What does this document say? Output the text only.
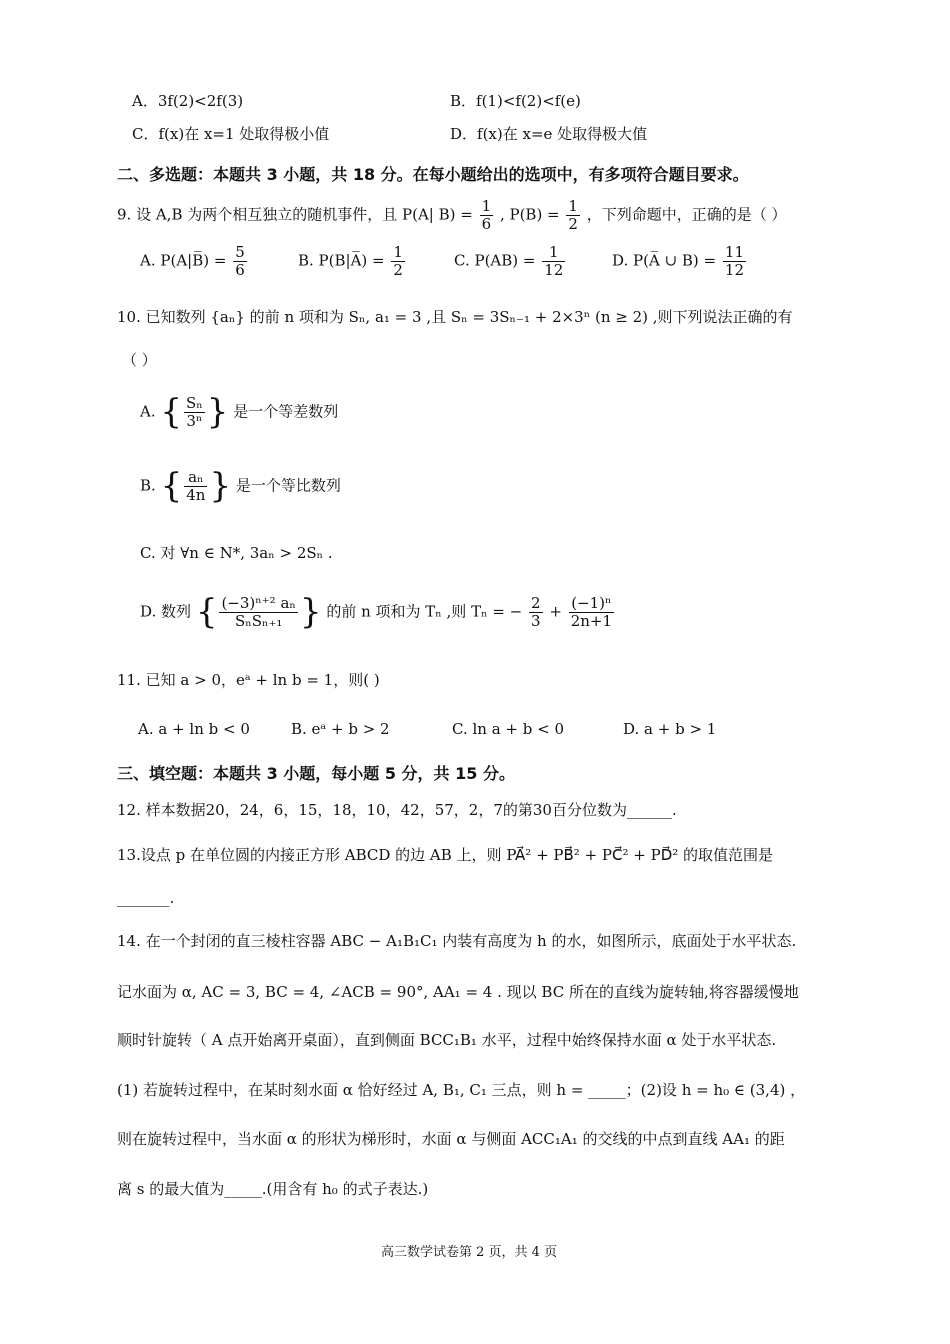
A．3f(2)<2f(3)	B．f(1)<f(2)<f(e)
C．f(x)在 x=1 处取得极小值	D．f(x)在 x=e 处取得极大值
二、多选题：本题共 3 小题，共 18 分。在每小题给出的选项中，有多项符合题目要求。
9. 设 A,B 为两个相互独立的随机事件，且 P(A| $B) = \frac{1}{6}$ , $P(B) = \frac{1}{2}$ ，下列命题中，正确的是（ ）
A. P(A|B̅) = $\frac{5}{6}$	B. P(B|A̅) = $\frac{1}{2}$	C. $P(AB) = \frac{1}{12}$	D. P(A̅ ∪ $B) = \frac{11}{12}$
10. 已知数列 {aₙ} 的前 n 项和为 Sₙ, a₁ = 3 ,且 Sₙ = 3Sₙ₋₁ + 2×3ⁿ (n ≥ 2) ,则下列说法正确的有
（ ）
A. { $\frac{\text{Sₙ}}{\text{3ⁿ}}$ } 是一个等差数列
B. { $\frac{\text{aₙ}}{4n}$ } 是一个等比数列
C. 对 ∀n ∈ N*, 3aₙ > 2Sₙ .
D. 数列 { $\frac{\text{(−3)ⁿ⁺² aₙ}}{\text{SₙSₙ₊₁}}$ } 的前 n 项和为 Tₙ ,则 Tₙ = − $\frac{2}{3} + \frac{\text{(−1)ⁿ}}{2n+1}$
11. 已知 a > 0，eᵃ + ln b = 1，则( )
A. a + ln b < 0	B. eᵃ + b > 2	C. ln a + b < 0	D. a + b > 1
三、填空题：本题共 3 小题，每小题 5 分，共 15 分。
12. 样本数据20，24，6，15，18，10，42，57，2，7的第30百分位数为______.
13.设点 p 在单位圆的内接正方形 ABCD 的边 AB 上，则 PA⃗² + PB⃗² + PC⃗² + PD⃗² 的取值范围是
_______.
14. 在一个封闭的直三棱柱容器 ABC − A₁B₁C₁ 内装有高度为 h 的水，如图所示，底面处于水平状态.
记水面为 α, AC = 3, BC = 4, ∠ACB = 90°, AA₁ = 4 . 现以 BC 所在的直线为旋转轴,将容器缓慢地
顺时针旋转（ A 点开始离开桌面），直到侧面 BCC₁B₁ 水平，过程中始终保持水面 α 处于水平状态.
(1) 若旋转过程中，在某时刻水面 α 恰好经过 A, B₁, C₁ 三点，则 h = _____；(2)设 h = h₀ ∈ (3,4) ，
则在旋转过程中，当水面 α 的形状为梯形时，水面 α 与侧面 ACC₁A₁ 的交线的中点到直线 AA₁ 的距
离 s 的最大值为_____.(用含有 h₀ 的式子表达.)
高三数学试卷第 2 页，共 4 页
